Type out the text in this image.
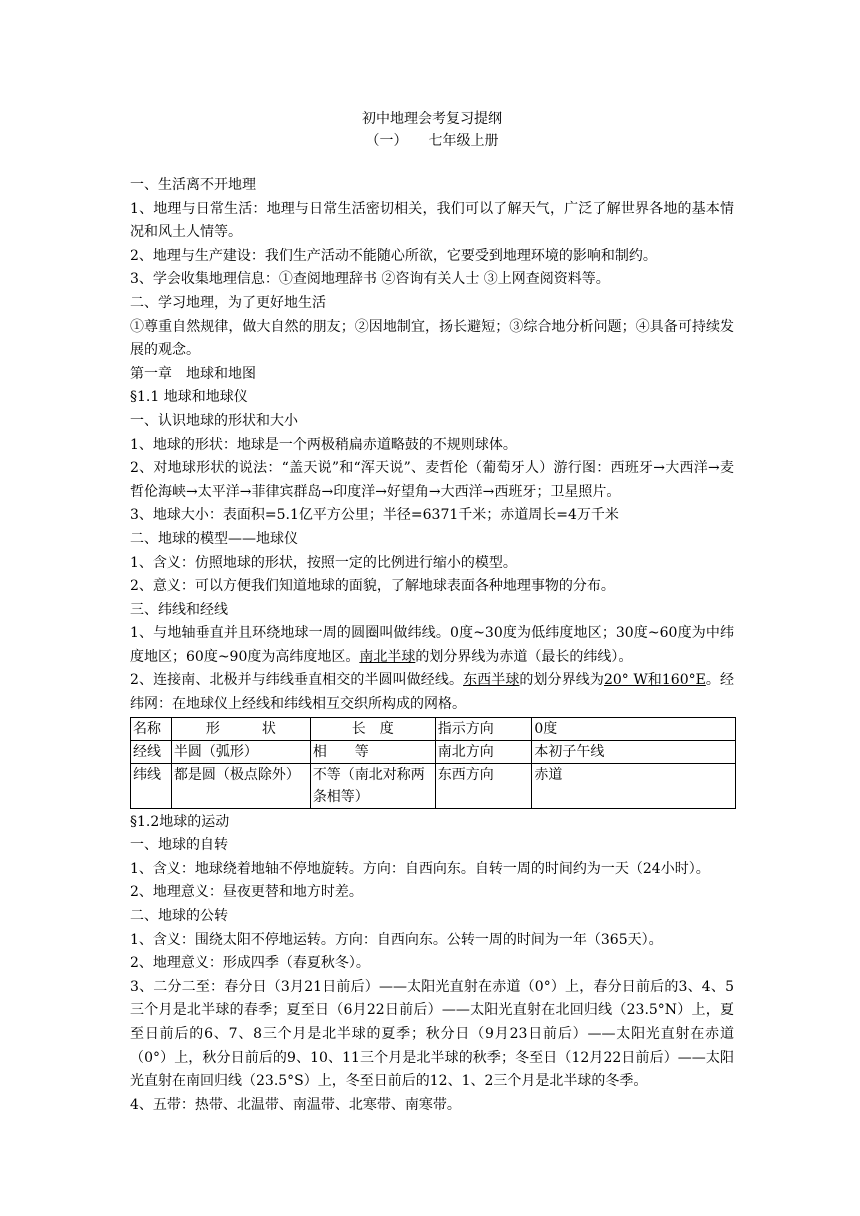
初中地理会考复习提纲

（一）　　七年级上册

一、生活离不开地理

1、地理与日常生活：地理与日常生活密切相关，我们可以了解天气，广泛了解世界各地的基本情况和风土人情等。

2、地理与生产建设：我们生产活动不能随心所欲，它要受到地理环境的影响和制约。

3、学会收集地理信息：①查阅地理辞书 ②咨询有关人士 ③上网查阅资料等。

二、学习地理，为了更好地生活

①尊重自然规律，做大自然的朋友；②因地制宜，扬长避短；③综合地分析问题；④具备可持续发展的观念。

第一章　地球和地图

§1.1 地球和地球仪

一、认识地球的形状和大小

1、地球的形状：地球是一个两极稍扁赤道略鼓的不规则球体。

2、对地球形状的说法：“盖天说”和“浑天说”、麦哲伦（葡萄牙人）游行图：西班牙→大西洋→麦哲伦海峡→太平洋→菲律宾群岛→印度洋→好望角→大西洋→西班牙；卫星照片。

3、地球大小：表面积=5.1亿平方公里；半径=6371千米；赤道周长=4万千米

二、地球的模型——地球仪

1、含义：仿照地球的形状，按照一定的比例进行缩小的模型。

2、意义：可以方便我们知道地球的面貌，了解地球表面各种地理事物的分布。

三、纬线和经线

1、与地轴垂直并且环绕地球一周的圆圈叫做纬线。0度~30度为低纬度地区；30度~60度为中纬度地区；60度~90度为高纬度地区。南北半球的划分界线为赤道（最长的纬线）。

2、连接南、北极并与纬线垂直相交的半圆叫做经线。东西半球的划分界线为20° W和160°E。经纬网：在地球仪上经线和纬线相互交织所构成的网格。

名称	形　　　状	长　度	指示方向	0度
经线	半圆（弧形）	相　　等	南北方向	本初子午线
纬线	都是圆（极点除外）	不等（南北对称两
条相等）	东西方向	赤道

§1.2地球的运动

一、地球的自转

1、含义：地球绕着地轴不停地旋转。方向：自西向东。自转一周的时间约为一天（24小时）。

2、地理意义：昼夜更替和地方时差。

二、地球的公转

1、含义：围绕太阳不停地运转。方向：自西向东。公转一周的时间为一年（365天）。

2、地理意义：形成四季（春夏秋冬）。

3、二分二至：春分日（3月21日前后）——太阳光直射在赤道（0°）上，春分日前后的3、4、5三个月是北半球的春季；夏至日（6月22日前后）——太阳光直射在北回归线（23.5°N）上，夏至日前后的6、7、8三个月是北半球的夏季；秋分日（9月23日前后）——太阳光直射在赤道（0°）上，秋分日前后的9、10、11三个月是北半球的秋季；冬至日（12月22日前后）——太阳光直射在南回归线（23.5°S）上，冬至日前后的12、1、2三个月是北半球的冬季。

4、五带：热带、北温带、南温带、北寒带、南寒带。
